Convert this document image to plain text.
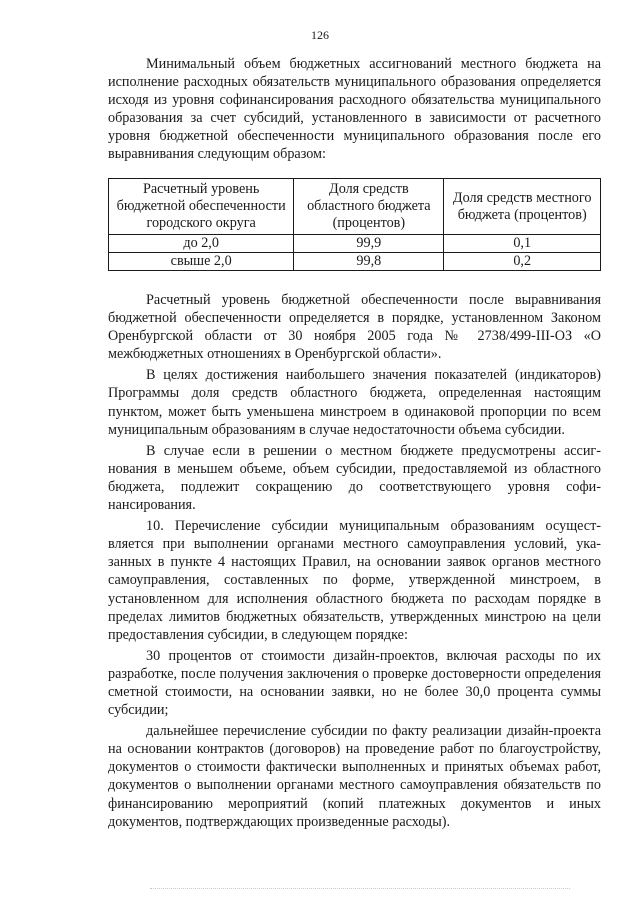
126

Минимальный объем бюджетных ассигнований местного бюджета на исполнение расходных обязательств муниципального образования определяется исходя из уровня софинансирования расходного обязательства муниципального образования за счет субсидий, установленного в зависимости от расчетного уровня бюджетной обеспеченности муниципального образования после его выравнивания следующим образом:

Расчетный уровень бюджетной обеспеченности городского округа	Доля средств областного бюджета (процентов)	Доля средств местного бюджета (процентов)
до 2,0	99,9	0,1
свыше 2,0	99,8	0,2

Расчетный уровень бюджетной обеспеченности после выравнивания бюджетной обеспеченности определяется в порядке, установленном Законом Оренбургской области от 30 ноября 2005 года № 2738/499-III-ОЗ «О межбюджетных отношениях в Оренбургской области».

В целях достижения наибольшего значения показателей (индикаторов) Программы доля средств областного бюджета, определенная настоящим пунктом, может быть уменьшена минстроем в одинаковой пропорции по всем муниципальным образованиям в случае недостаточности объема субсидии.

В случае если в решении о местном бюджете предусмотрены ассигнования в меньшем объеме, объем субсидии, предоставляемой из областного бюджета, подлежит сокращению до соответствующего уровня софинансирования.

10. Перечисление субсидии муниципальным образованиям осуществляется при выполнении органами местного самоуправления условий, указанных в пункте 4 настоящих Правил, на основании заявок органов местного самоуправления, составленных по форме, утвержденной минстроем, в установленном для исполнения областного бюджета по расходам порядке в пределах лимитов бюджетных обязательств, утвержденных минстрою на цели предоставления субсидии, в следующем порядке:

30 процентов от стоимости дизайн-проектов, включая расходы по их разработке, после получения заключения о проверке достоверности определения сметной стоимости, на основании заявки, но не более 30,0 процента суммы субсидии;

дальнейшее перечисление субсидии по факту реализации дизайн-проекта на основании контрактов (договоров) на проведение работ по благоустройству, документов о стоимости фактически выполненных и принятых объемах работ, документов о выполнении органами местного самоуправления обязательств по финансированию мероприятий (копий платежных документов и иных документов, подтверждающих произведенные расходы).
